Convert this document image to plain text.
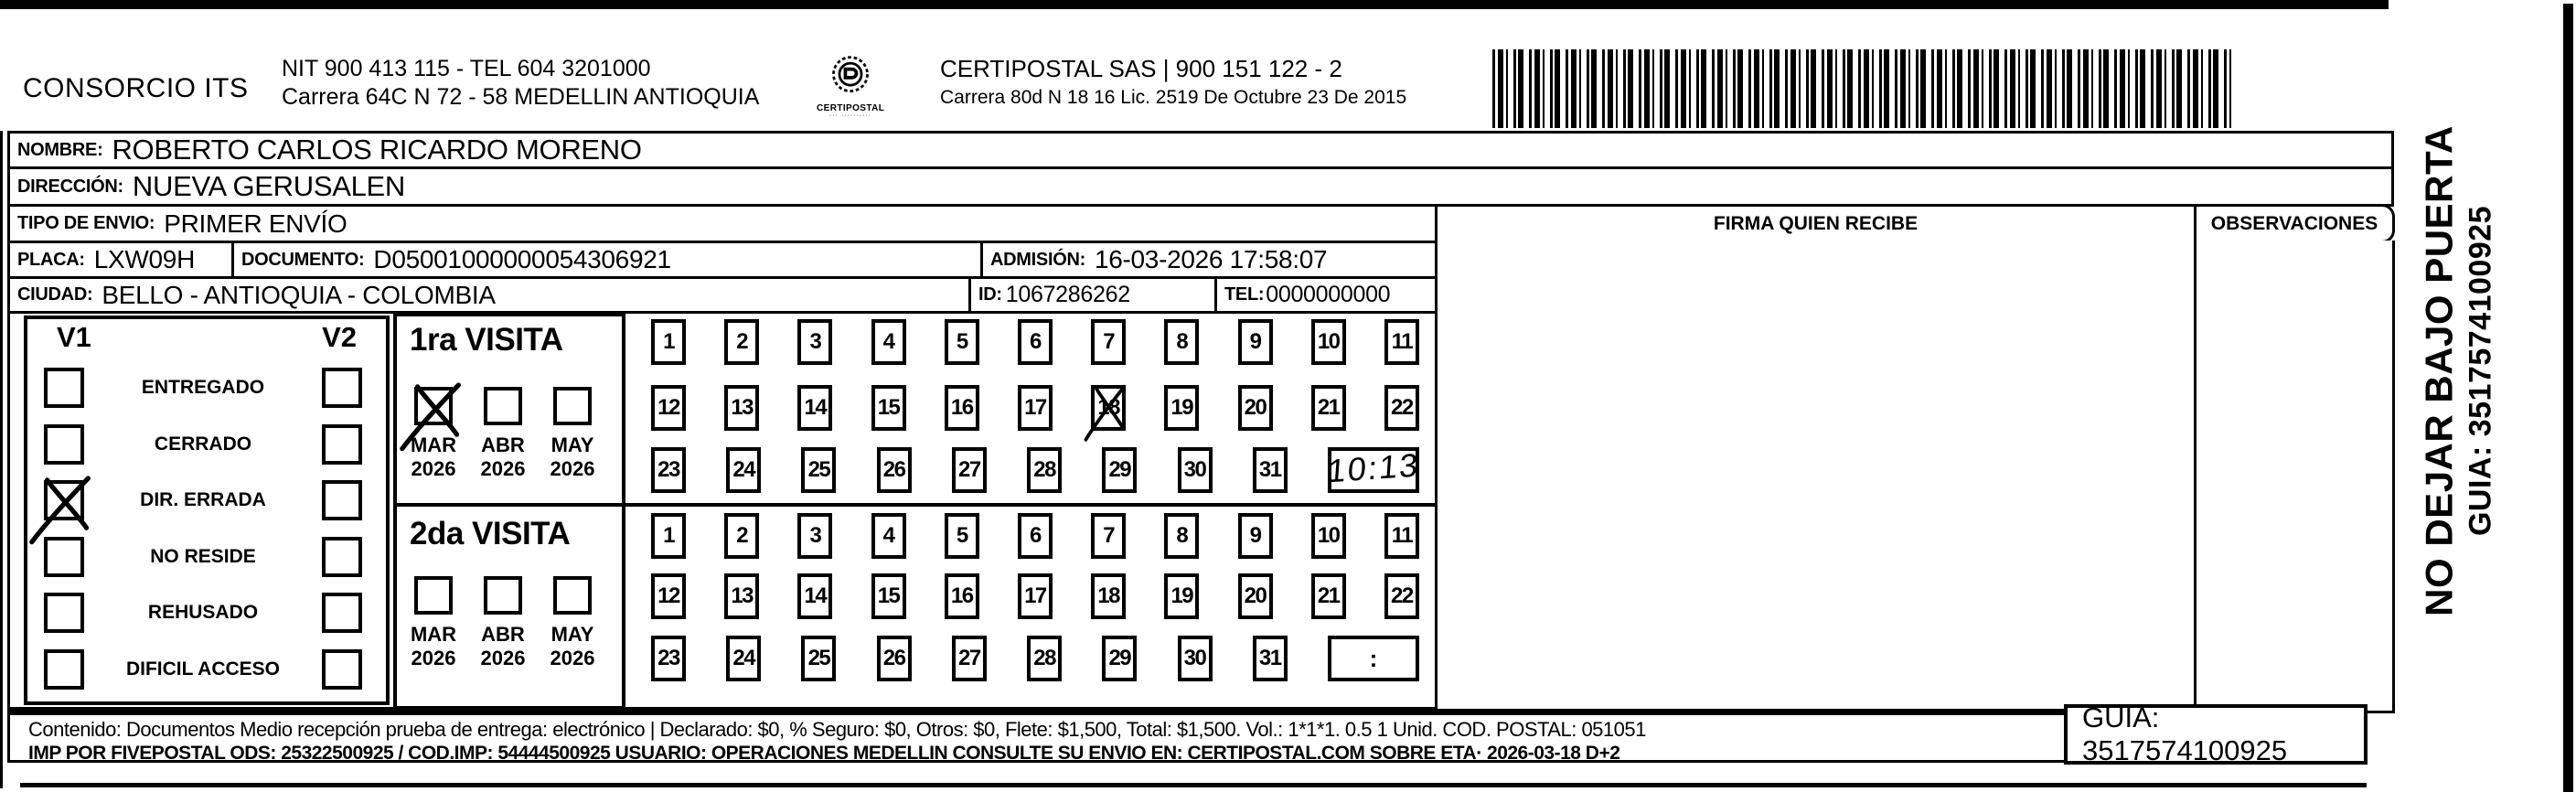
CONSORCIO ITS
NIT 900 413 115 - TEL 604 3201000
Carrera 64C N 72 - 58 MEDELLIN ANTIOQUIA	CERTIPOSTAL
··· ··········
CERTIPOSTAL SAS | 900 151 122 - 2
Carrera 80d N 18 16 Lic. 2519 De Octubre 23 De 2015
NOMBRE: ROBERTO CARLOS RICARDO MORENO
DIRECCIÓN: NUEVA GERUSALEN
TIPO DE ENVIO: PRIMER ENVÍO	FIRMA QUIEN RECIBE	OBSERVACIONES
PLACA: LXW09H	DOCUMENTO: D05001000000054306921	ADMISIÓN: 16-03-2026 17:58:07
CIUDAD: BELLO - ANTIOQUIA - COLOMBIA	ID: 1067286262	TEL: 0000000000
V1	V2
ENTREGADO
CERRADO
DIR. ERRADA
NO RESIDE
REHUSADO
DIFICIL ACCESO
1ra VISITA
2da VISITA
MAR
2026
ABR
2026
MAY
2026
MAR
2026
ABR
2026
MAY
2026
1	2	3	4	5	6	7	8	9	10 11
12 13 14 15 16 17 18 19 20 21 22
23 24 25 26 27 28 29 30 31 10:13
1	2	3	4	5	6	7	8	9	10 11
12 13 14 15 16 17 18 19 20 21 22
23 24 25 26 27 28 29 30 31	:
NO DEJAR BAJO PUERTA GUIA: 3517574100925
Contenido: Documentos Medio recepción prueba de entrega: electrónico | Declarado: $0, % Seguro: $0, Otros: $0, Flete: $1,500, Total: $1,500. Vol.: 1*1*1. 0.5 1 Unid. COD. POSTAL: 051051
IMP POR FIVEPOSTAL ODS: 25322500925 / COD.IMP: 54444500925 USUARIO: OPERACIONES MEDELLIN CONSULTE SU ENVIO EN: CERTIPOSTAL.COM SOBRE ETA· 2026-03-18 D+2
GUIA: 3517574100925
